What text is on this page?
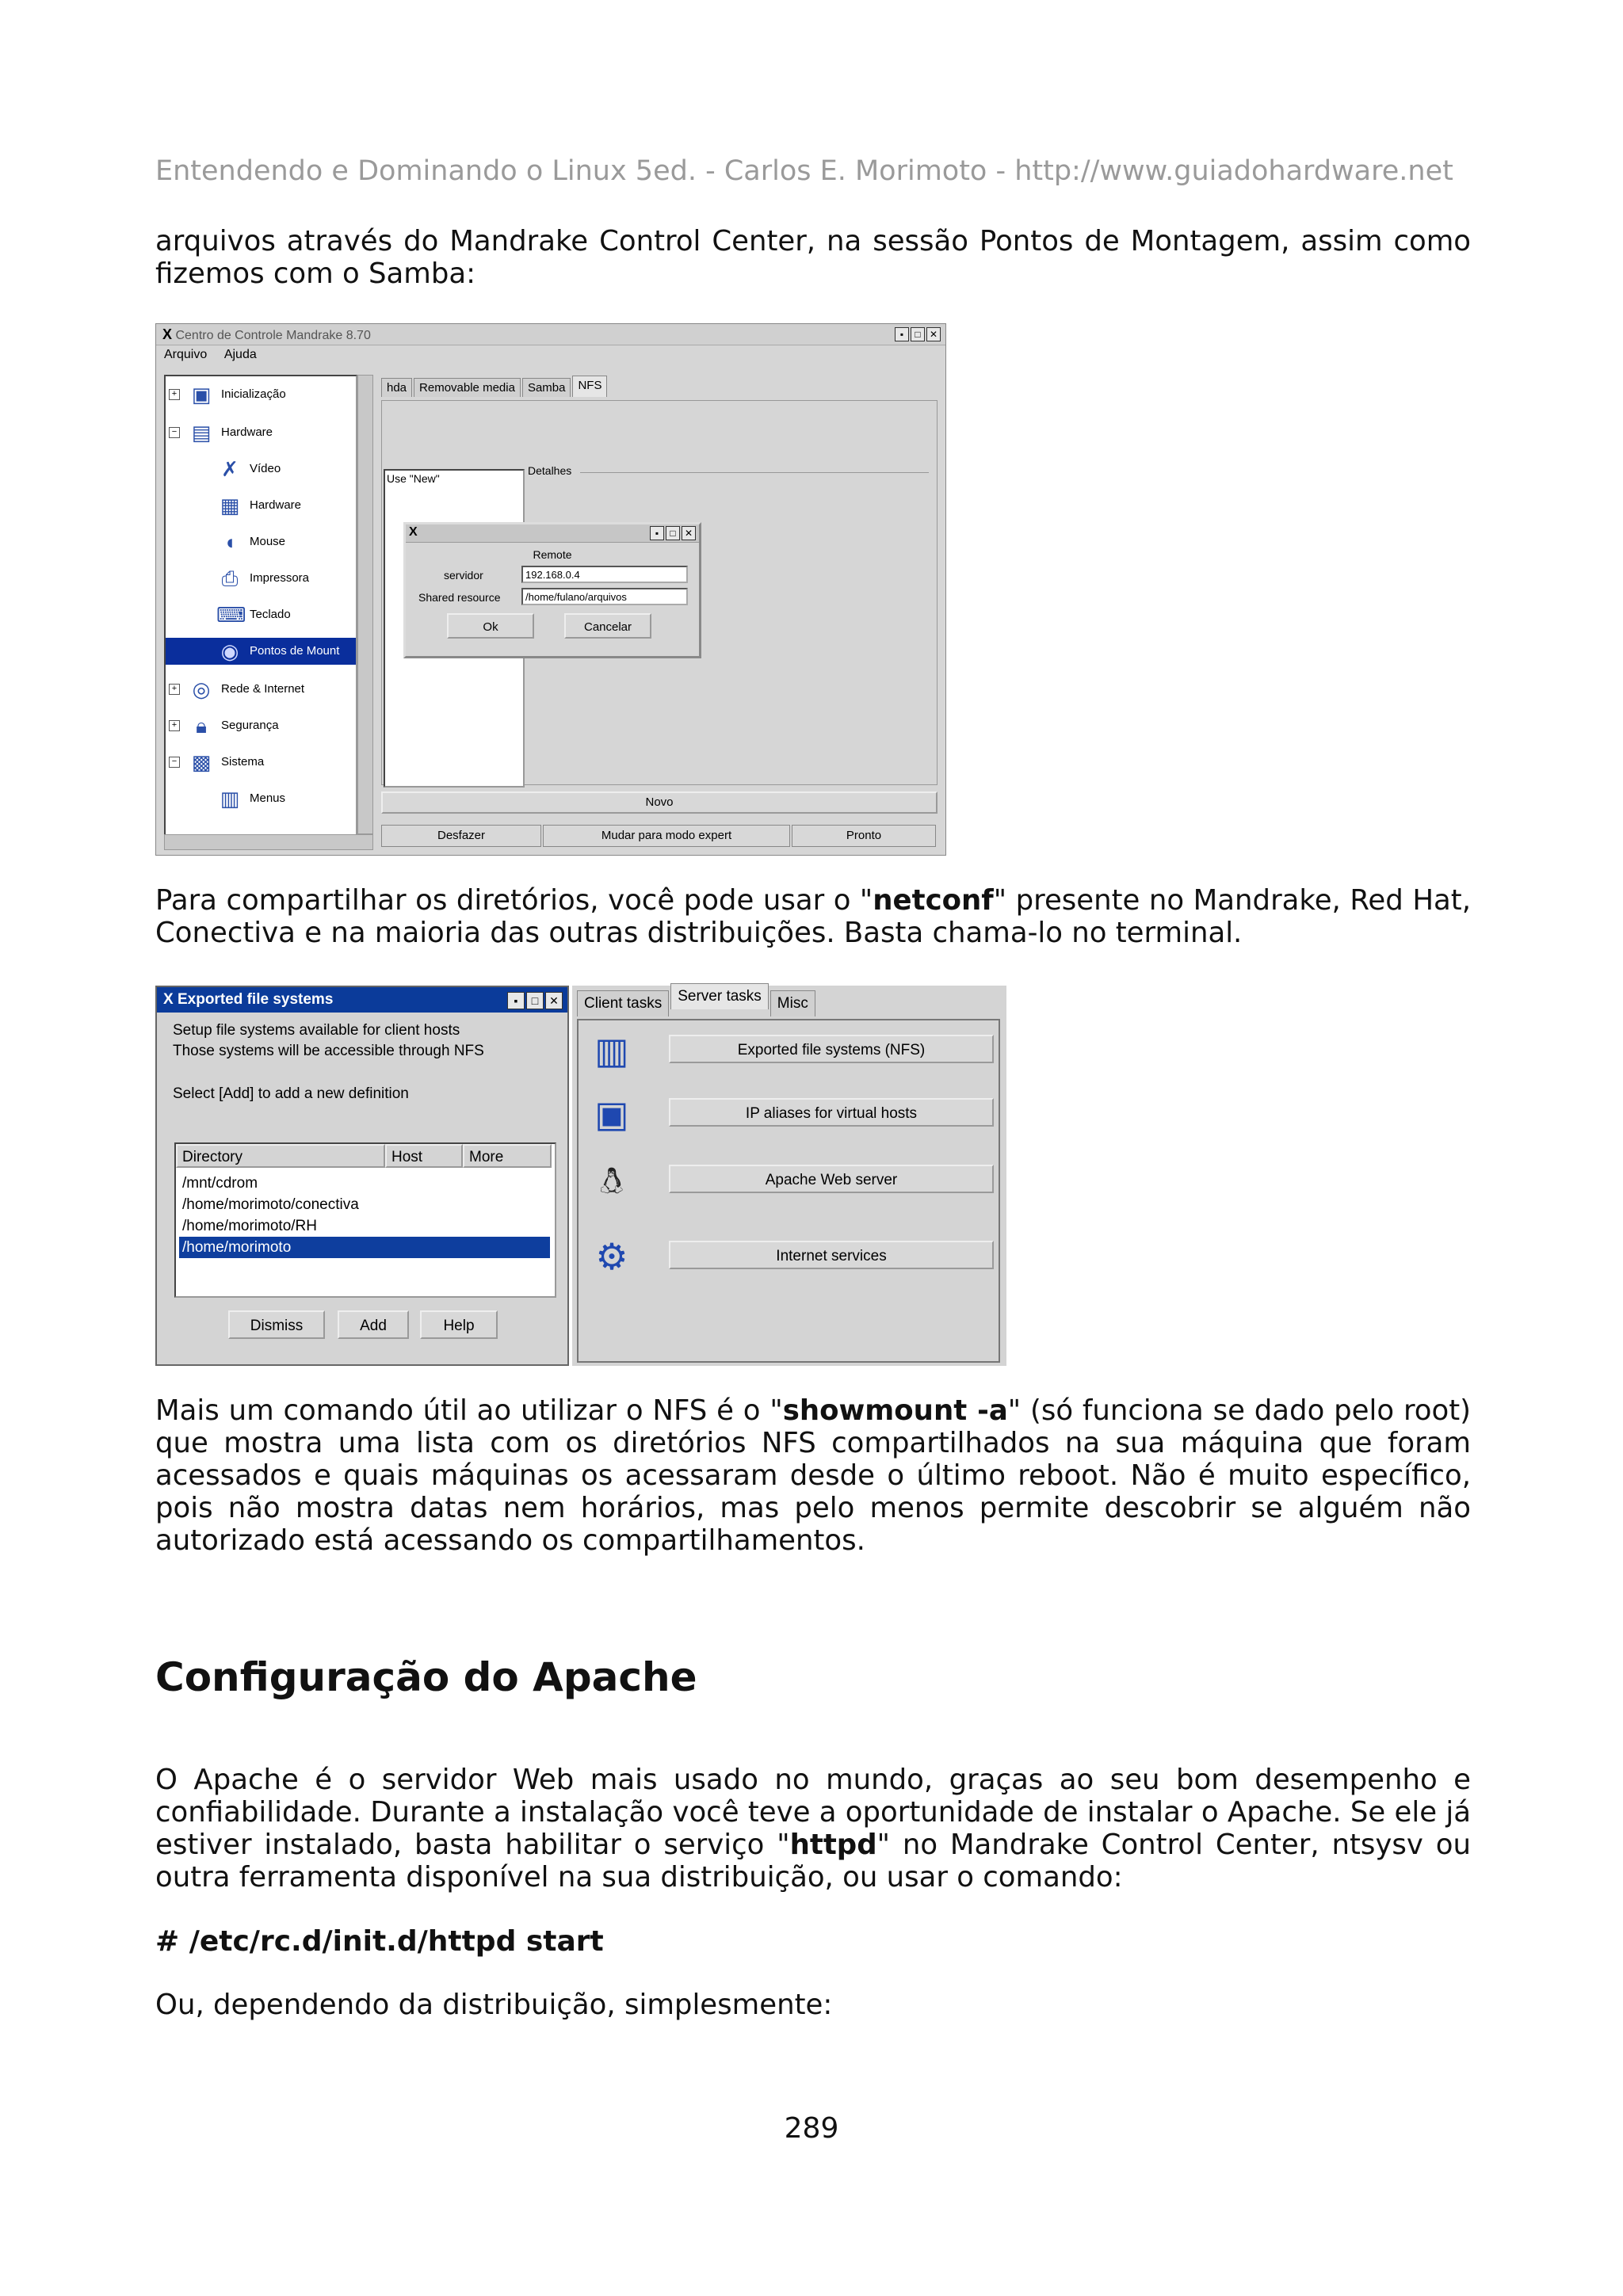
Entendendo e Dominando o Linux 5ed. - Carlos E. Morimoto - http://www.guiadohardware.net
arquivos através do Mandrake Control Center, na sessão Pontos de Montagem, assim como fizemos com o Samba:
X Centro de Controle Mandrake 8.70	▪	□ ✕
Arquivo Ajuda
+ ▣ Inicialização
− ▤ Hardware
✗ Vídeo
▦ Hardware
◖ Mouse
⎙ Impressora
⌨ Teclado
◉ Pontos de Mount
+ ◎ Rede & Internet
+ 🔒︎ Segurança
− ▩ Sistema
▥ Menus
hda Removable media Samba NFS
Use "New"
Detalhes
Novo
Desfazer	Mudar para modo expert	Pronto
X	▪	□ ✕
Remote
servidor
192.168.0.4
Shared resource
/home/fulano/arquivos
Ok	Cancelar
Para compartilhar os diretórios, você pode usar o "netconf" presente no Mandrake, Red Hat, Conectiva e na maioria das outras distribuições. Basta chama-lo no terminal.
X Exported file systems	▪	□ ✕
Setup file systems available for client hosts
Those systems will be accessible through NFS
Select [Add] to add a new definition
Directory	Host	More
/mnt/cdrom
/home/morimoto/conectiva
/home/morimoto/RH
/home/morimoto
Dismiss	Add	Help
Client tasks Server tasks Misc
▥	Exported file systems (NFS)
▣	IP aliases for virtual hosts
🐧︎	Apache Web server
⚙	Internet services
Mais um comando útil ao utilizar o NFS é o "showmount -a" (só funciona se dado pelo root) que mostra uma lista com os diretórios NFS compartilhados na sua máquina que foram acessados e quais máquinas os acessaram desde o último reboot. Não é muito específico, pois não mostra datas nem horários, mas pelo menos permite descobrir se alguém não autorizado está acessando os compartilhamentos.
Configuração do Apache
O Apache é o servidor Web mais usado no mundo, graças ao seu bom desempenho e confiabilidade. Durante a instalação você teve a oportunidade de instalar o Apache. Se ele já estiver instalado, basta habilitar o serviço "httpd" no Mandrake Control Center, ntsysv ou outra ferramenta disponível na sua distribuição, ou usar o comando:
# /etc/rc.d/init.d/httpd start
Ou, dependendo da distribuição, simplesmente:
289
